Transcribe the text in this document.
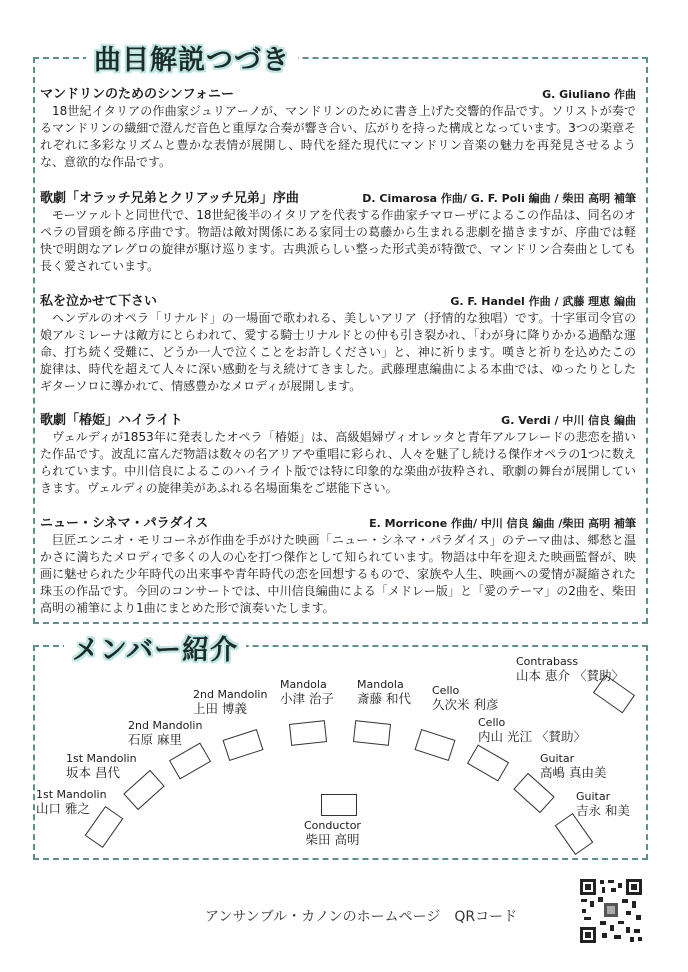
曲目解説つづき
マンドリンのためのシンフォニー	G. Giuliano 作曲
18世紀イタリアの作曲家ジュリアーノが、マンドリンのために書き上げた交響的作品です。ソリストが奏でるマンドリンの繊細で澄んだ音色と重厚な合奏が響き合い、広がりを持った構成となっています。3つの楽章それぞれに多彩なリズムと豊かな表情が展開し、時代を経た現代にマンドリン音楽の魅力を再発見させるような、意欲的な作品です。
歌劇「オラッチ兄弟とクリアッチ兄弟」序曲	D. Cimarosa 作曲/ G. F. Poli 編曲 / 柴田 高明 補筆
モーツァルトと同世代で、18世紀後半のイタリアを代表する作曲家チマローザによるこの作品は、同名のオペラの冒頭を飾る序曲です。物語は敵対関係にある家同士の葛藤から生まれる悲劇を描きますが、序曲では軽快で明朗なアレグロの旋律が駆け巡ります。古典派らしい整った形式美が特徴で、マンドリン合奏曲としても長く愛されています。
私を泣かせて下さい	G. F. Handel 作曲 / 武藤 理恵 編曲
ヘンデルのオペラ「リナルド」の一場面で歌われる、美しいアリア（抒情的な独唱）です。十字軍司令官の娘アルミレーナは敵方にとらわれて、愛する騎士リナルドとの仲も引き裂かれ、「わが身に降りかかる過酷な運命、打ち続く受難に、どうか一人で泣くことをお許しください」と、神に祈ります。嘆きと祈りを込めたこの旋律は、時代を超えて人々に深い感動を与え続けてきました。武藤理恵編曲による本曲では、ゆったりとしたギターソロに導かれて、情感豊かなメロディが展開します。
歌劇「椿姫」ハイライト	G. Verdi / 中川 信良 編曲
ヴェルディが1853年に発表したオペラ「椿姫」は、高級娼婦ヴィオレッタと青年アルフレードの悲恋を描いた作品です。波乱に富んだ物語は数々の名アリアや重唱に彩られ、人々を魅了し続ける傑作オペラの1つに数えられています。中川信良によるこのハイライト版では特に印象的な楽曲が抜粋され、歌劇の舞台が展開していきます。ヴェルディの旋律美があふれる名場面集をご堪能下さい。
ニュー・シネマ・パラダイス	E. Morricone 作曲/ 中川 信良 編曲 /柴田 高明 補筆
巨匠エンニオ・モリコーネが作曲を手がけた映画「ニュー・シネマ・パラダイス」のテーマ曲は、郷愁と温かさに満ちたメロディで多くの人の心を打つ傑作として知られています。物語は中年を迎えた映画監督が、映画に魅せられた少年時代の出来事や青年時代の恋を回想するもので、家族や人生、映画への愛情が凝縮された珠玉の作品です。今回のコンサートでは、中川信良編曲による「メドレー版」と「愛のテーマ」の2曲を、柴田高明の補筆により1曲にまとめた形で演奏いたします。
メンバー紹介
1st Mandolin
山口 雅之
1st Mandolin
坂本 昌代
2nd Mandolin
石原 麻里
2nd Mandolin
上田 博義
Mandola
小津 治子
Mandola
斎藤 和代
Cello
久次米 利彦
Cello
内山 光江 〈賛助〉
Contrabass
山本 恵介 〈賛助〉
Guitar
高嶋 真由美
Guitar
吉永 和美
Conductor
柴田 高明
アンサンブル・カノンのホームページ　QRコード
